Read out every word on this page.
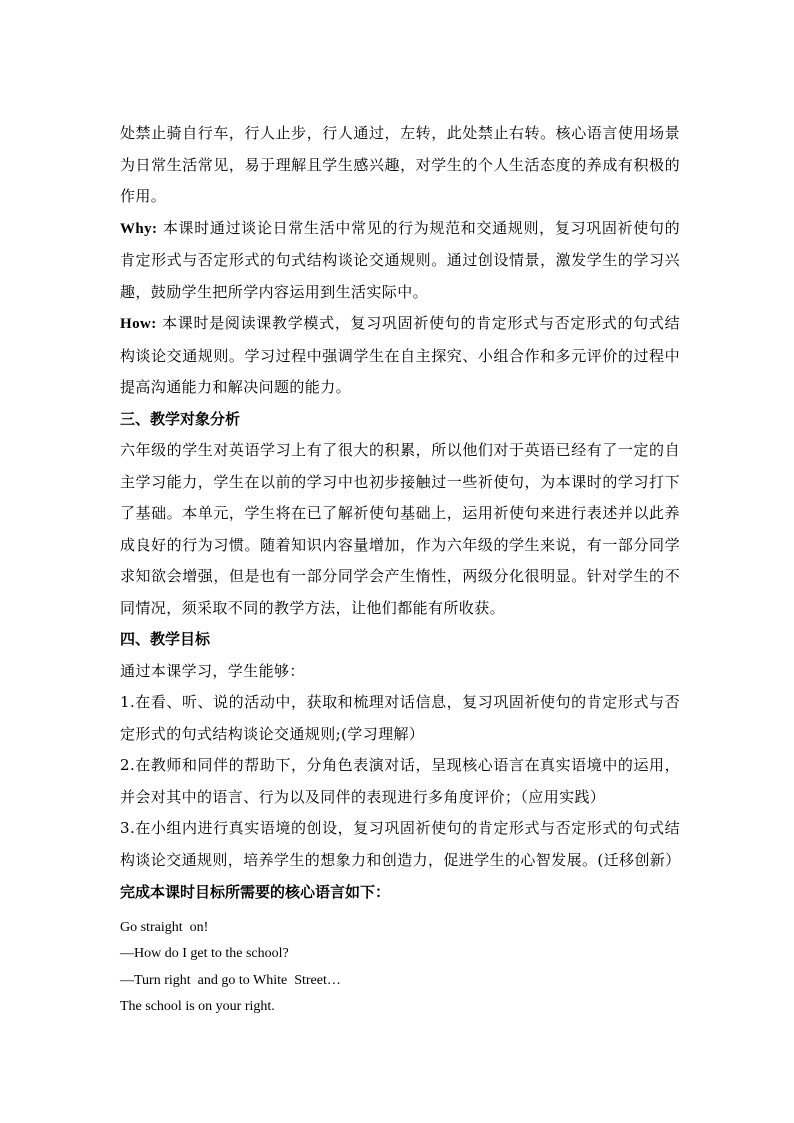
处禁止骑自行车，行人止步，行人通过，左转，此处禁止右转。核心语言使用场景为日常生活常见，易于理解且学生感兴趣，对学生的个人生活态度的养成有积极的作用。

Why: 本课时通过谈论日常生活中常见的行为规范和交通规则，复习巩固祈使句的肯定形式与否定形式的句式结构谈论交通规则。通过创设情景，激发学生的学习兴趣，鼓励学生把所学内容运用到生活实际中。

How: 本课时是阅读课教学模式，复习巩固祈使句的肯定形式与否定形式的句式结构谈论交通规则。学习过程中强调学生在自主探究、小组合作和多元评价的过程中提高沟通能力和解决问题的能力。

三、教学对象分析

六年级的学生对英语学习上有了很大的积累，所以他们对于英语已经有了一定的自主学习能力，学生在以前的学习中也初步接触过一些祈使句，为本课时的学习打下了基础。本单元，学生将在已了解祈使句基础上，运用祈使句来进行表述并以此养成良好的行为习惯。随着知识内容量增加，作为六年级的学生来说，有一部分同学求知欲会增强，但是也有一部分同学会产生惰性，两级分化很明显。针对学生的不同情况，须采取不同的教学方法，让他们都能有所收获。

四、教学目标

通过本课学习，学生能够：

1.在看、听、说的活动中，获取和梳理对话信息，复习巩固祈使句的肯定形式与否定形式的句式结构谈论交通规则;(学习理解）

2.在教师和同伴的帮助下，分角色表演对话，呈现核心语言在真实语境中的运用，并会对其中的语言、行为以及同伴的表现进行多角度评价；（应用实践）

3.在小组内进行真实语境的创设，复习巩固祈使句的肯定形式与否定形式的句式结构谈论交通规则，培养学生的想象力和创造力，促进学生的心智发展。(迁移创新）

完成本课时目标所需要的核心语言如下：

Go straight  on!

—How do I get to the school?

—Turn right  and go to White  Street…

The school is on your right.
